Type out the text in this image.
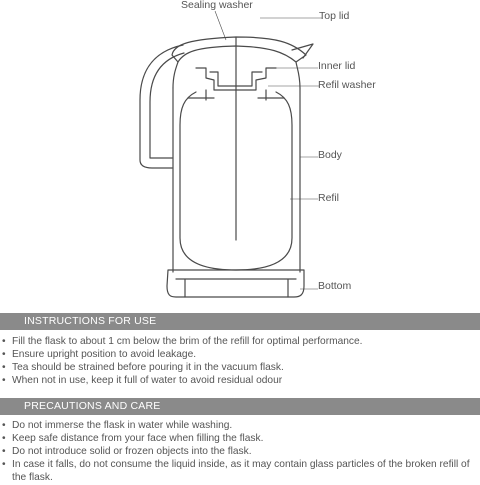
Sealing washer
Top lid
Inner lid
Refil washer
Body
Refil
Bottom
INSTRUCTIONS FOR USE
• Fill the flask to about 1 cm below the brim of the refill for optimal performance.
• Ensure upright position to avoid leakage.
• Tea should be strained before pouring it in the vacuum flask.
• When not in use, keep it full of water to avoid residual odour
PRECAUTIONS AND CARE
• Do not immerse the flask in water while washing.
• Keep safe distance from your face when filling the flask.
• Do not introduce solid or frozen objects into the flask.
• In case it falls, do not consume the liquid inside, as it may contain glass particles of the broken refill of the flask.
